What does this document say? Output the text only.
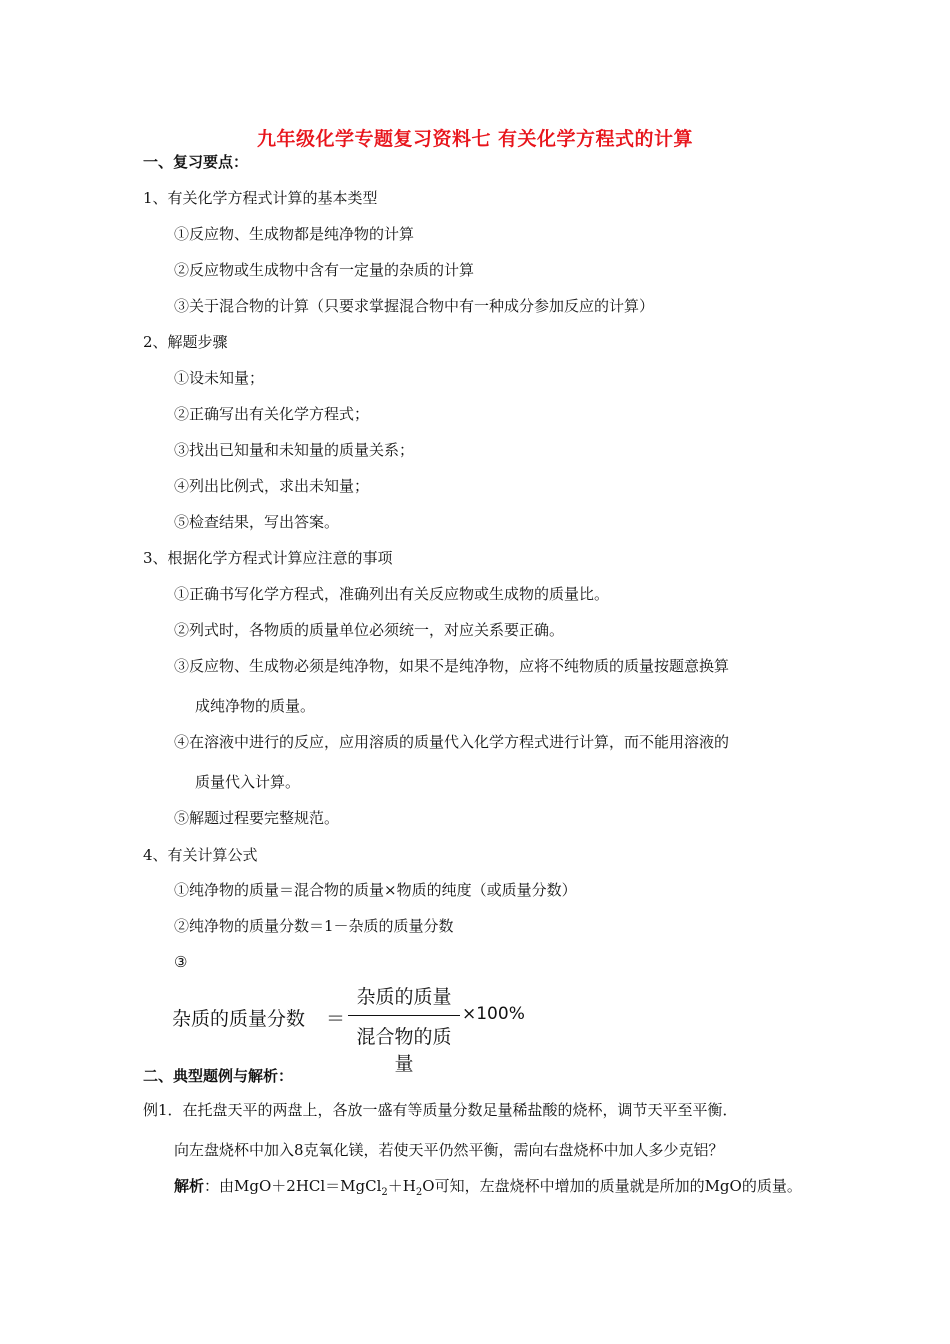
九年级化学专题复习资料七 有关化学方程式的计算
一、复习要点：
1、有关化学方程式计算的基本类型
①反应物、生成物都是纯净物的计算
②反应物或生成物中含有一定量的杂质的计算
③关于混合物的计算（只要求掌握混合物中有一种成分参加反应的计算）
2、解题步骤
①设未知量；
②正确写出有关化学方程式；
③找出已知量和未知量的质量关系；
④列出比例式，求出未知量；
⑤检查结果，写出答案。
3、根据化学方程式计算应注意的事项
①正确书写化学方程式，准确列出有关反应物或生成物的质量比。
②列式时，各物质的质量单位必须统一，对应关系要正确。
③反应物、生成物必须是纯净物，如果不是纯净物，应将不纯物质的质量按题意换算
成纯净物的质量。
④在溶液中进行的反应，应用溶质的质量代入化学方程式进行计算，而不能用溶液的
质量代入计算。
⑤解题过程要完整规范。
4、有关计算公式
①纯净物的质量＝混合物的质量×物质的纯度（或质量分数）
②纯净物的质量分数＝1－杂质的质量分数
③
杂质的质量分数 ＝
杂质的质量
混合物的质量
×100%
二、典型题例与解析：
例1．在托盘天平的两盘上，各放一盛有等质量分数足量稀盐酸的烧杯，调节天平至平衡．
向左盘烧杯中加入8克氧化镁，若使天平仍然平衡，需向右盘烧杯中加人多少克铝？
解析：由$MgO+2HCl=MgCl_2+H_2O$可知，左盘烧杯中增加的质量就是所加的MgO的质量。
